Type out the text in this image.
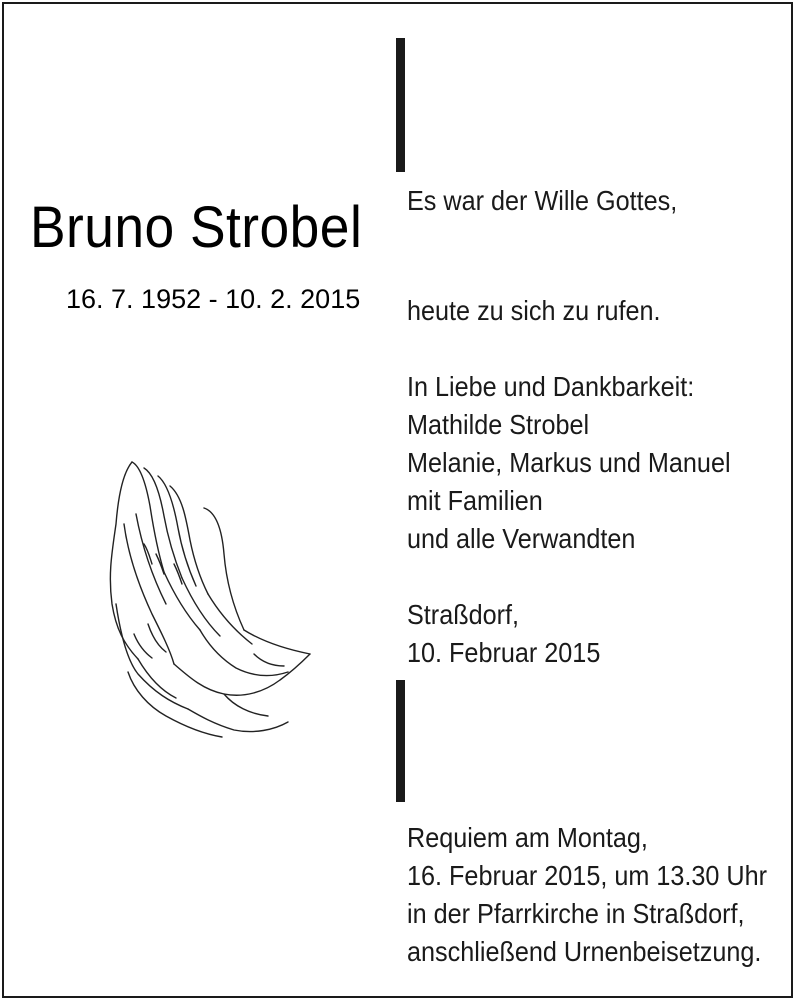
Bruno Strobel
16. 7. 1952 - 10. 2. 2015
Es war der Wille Gottes,
heute zu sich zu rufen.
In Liebe und Dankbarkeit:
Mathilde Strobel
Melanie, Markus und Manuel
mit Familien
und alle Verwandten
Straßdorf,
10. Februar 2015
Requiem am Montag,
16. Februar 2015, um 13.30 Uhr
in der Pfarrkirche in Straßdorf,
anschließend Urnenbeisetzung.
